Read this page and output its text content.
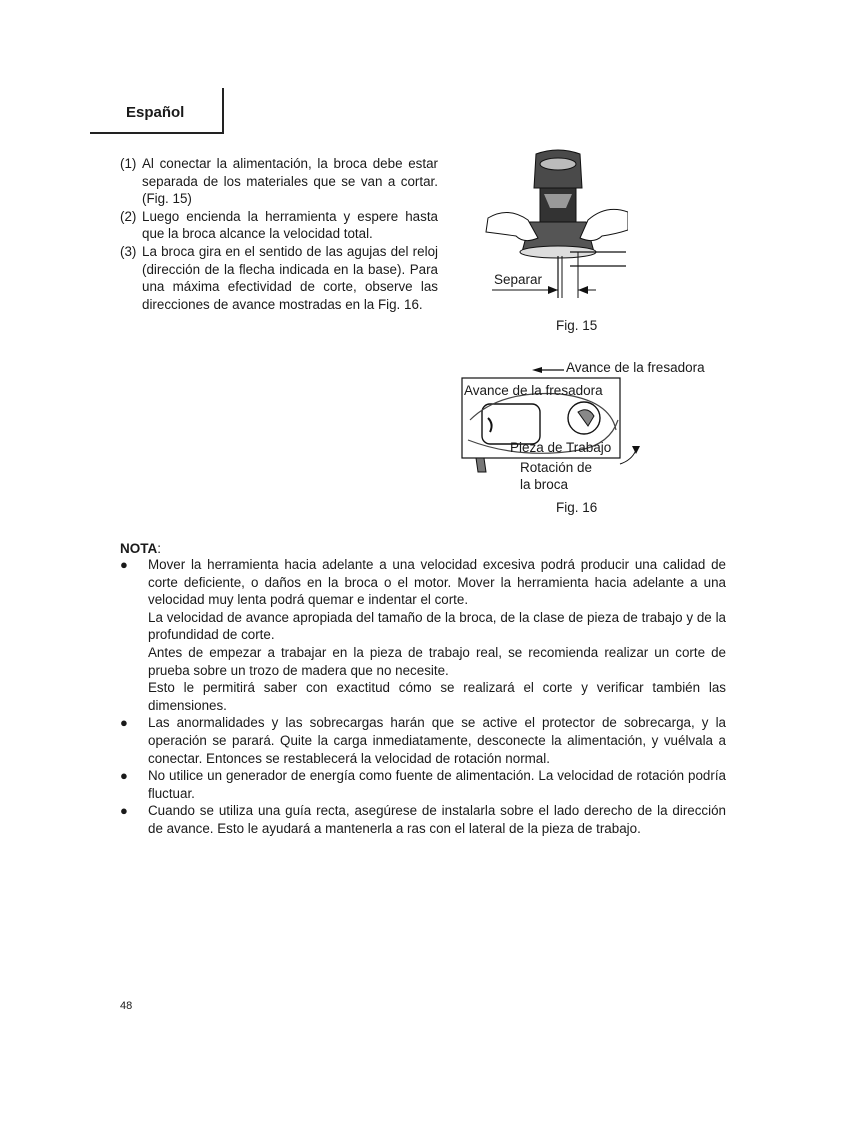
Español
(1) Al conectar la alimentación, la broca debe estar separada de los materiales que se van a cortar. (Fig. 15)
(2) Luego encienda la herramienta y espere hasta que la broca alcance la velocidad total.
(3) La broca gira en el sentido de las agujas del reloj (dirección de la flecha indicada en la base). Para una máxima efectividad de corte, observe las direcciones de avance mostradas en la Fig. 16.
Separar
Fig. 15
Avance de la fresadora
Avance de la fresadora
Pieza de Trabajo
Rotación de
la broca
Fig. 16
NOTA:
●	Mover la herramienta hacia adelante a una velocidad excesiva podrá producir una calidad de corte deficiente, o daños en la broca o el motor. Mover la herramienta hacia adelante a una velocidad muy lenta podrá quemar e indentar el corte.

La velocidad de avance apropiada del tamaño de la broca, de la clase de pieza de trabajo y de la profundidad de corte.

Antes de empezar a trabajar en la pieza de trabajo real, se recomienda realizar un corte de prueba sobre un trozo de madera que no necesite.

Esto le permitirá saber con exactitud cómo se realizará el corte y verificar también las dimensiones.

●	Las anormalidades y las sobrecargas harán que se active el protector de sobrecarga, y la operación se parará. Quite la carga inmediatamente, desconecte la alimentación, y vuélvala a conectar. Entonces se restablecerá la velocidad de rotación normal.

●	No utilice un generador de energía como fuente de alimentación. La velocidad de rotación podría fluctuar.

●	Cuando se utiliza una guía recta, asegúrese de instalarla sobre el lado derecho de la dirección de avance. Esto le ayudará a mantenerla a ras con el lateral de la pieza de trabajo.

48
